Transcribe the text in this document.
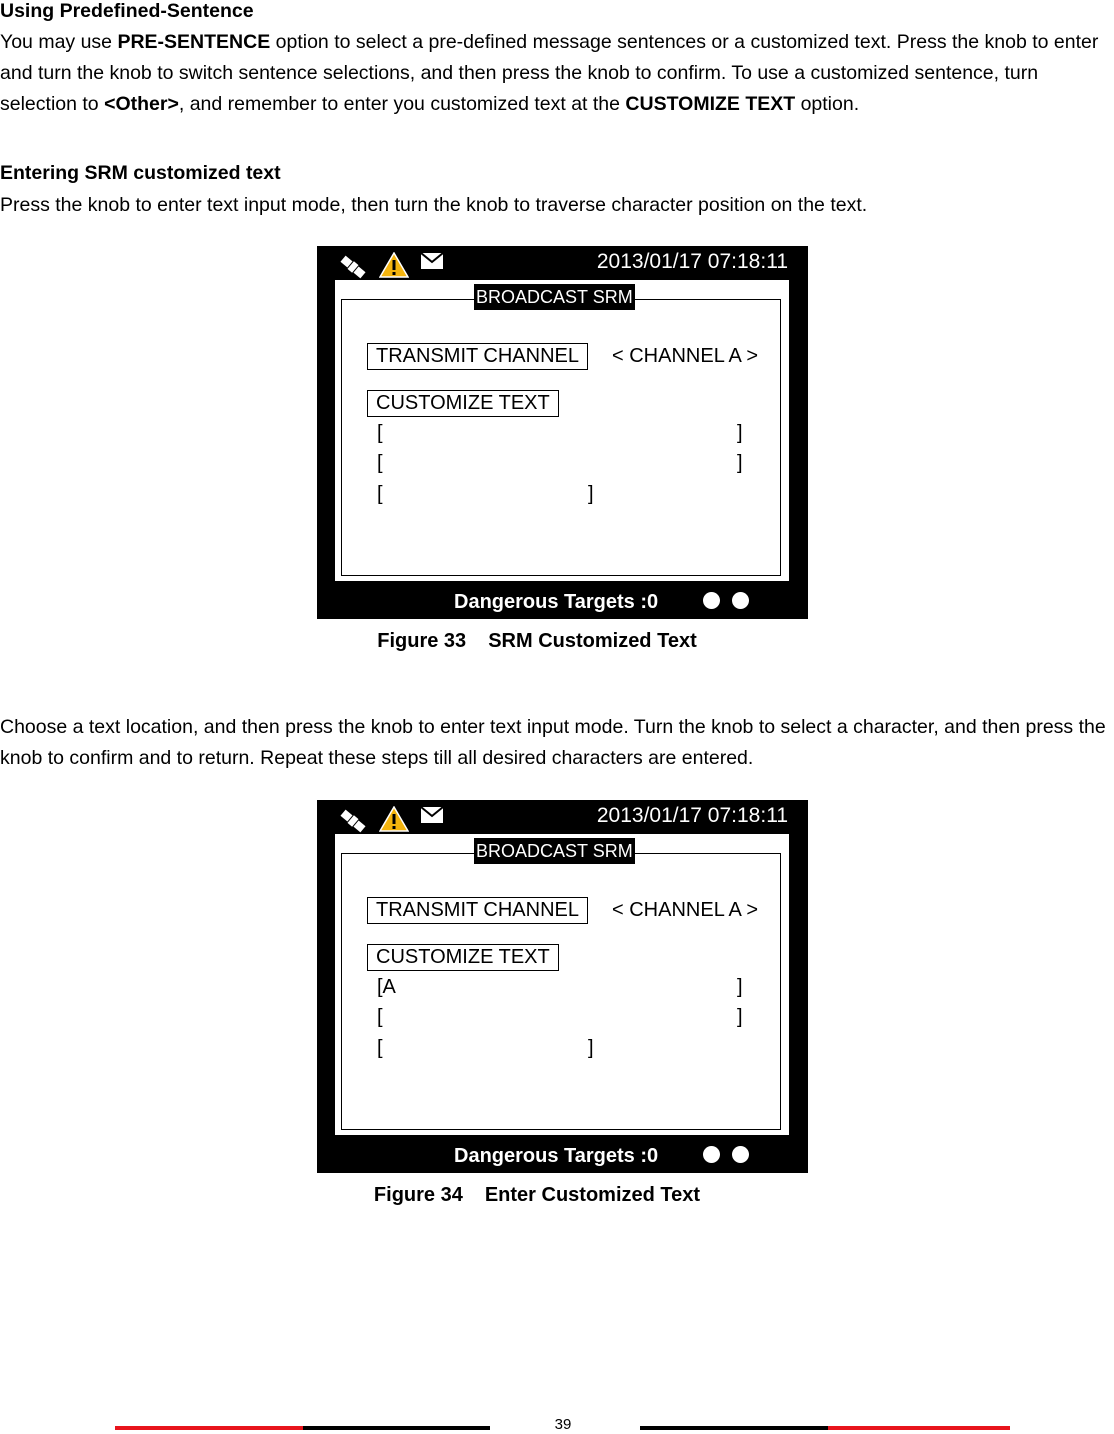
Using Predefined-Sentence
You may use PRE-SENTENCE option to select a pre-defined message sentences or a customized text. Press the knob to enter and turn the knob to switch sentence selections, and then press the knob to confirm. To use a customized sentence, turn selection to <Other>, and remember to enter you customized text at the CUSTOMIZE TEXT option.
Entering SRM customized text
Press the knob to enter text input mode, then turn the knob to traverse character position on the text.
2013/01/17 07:18:11
BROADCAST SRM
TRANSMIT CHANNEL	< CHANNEL A >
CUSTOMIZE TEXT
[	]
[	]
[	]
Dangerous Targets :0
Figure 33 SRM Customized Text
Choose a text location, and then press the knob to enter text input mode. Turn the knob to select a character, and then press the knob to confirm and to return. Repeat these steps till all desired characters are entered.
2013/01/17 07:18:11
BROADCAST SRM
TRANSMIT CHANNEL	< CHANNEL A >
CUSTOMIZE TEXT
[A	]
[	]
[	]
Dangerous Targets :0
Figure 34 Enter Customized Text
39
